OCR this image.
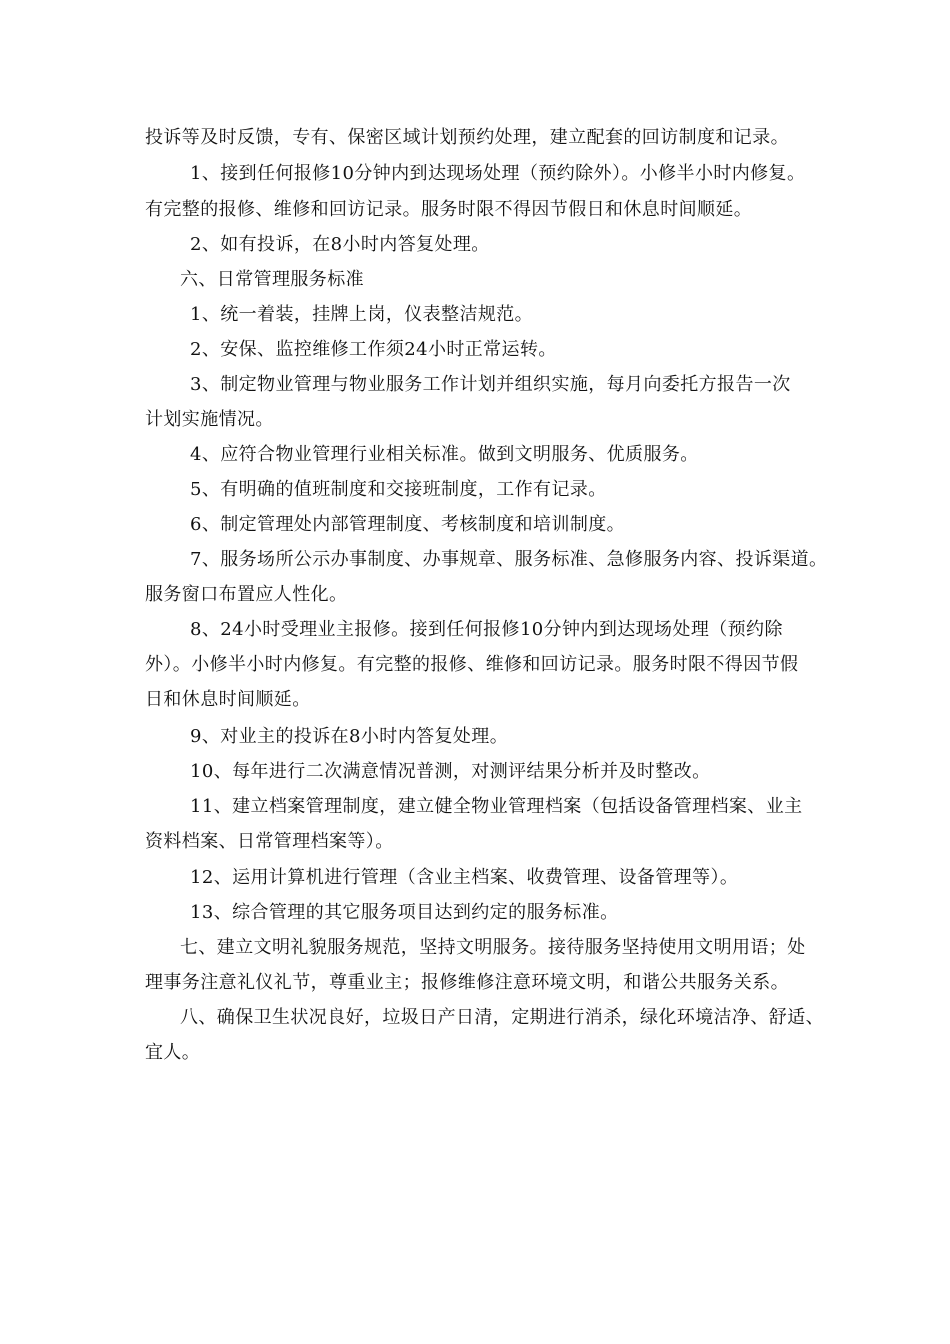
投诉等及时反馈，专有、保密区域计划预约处理，建立配套的回访制度和记录。
1、接到任何报修10分钟内到达现场处理（预约除外）。小修半小时内修复。
有完整的报修、维修和回访记录。服务时限不得因节假日和休息时间顺延。
2、如有投诉，在8小时内答复处理。
六、日常管理服务标准
1、统一着装，挂牌上岗，仪表整洁规范。
2、安保、监控维修工作须24小时正常运转。
3、制定物业管理与物业服务工作计划并组织实施，每月向委托方报告一次
计划实施情况。
4、应符合物业管理行业相关标准。做到文明服务、优质服务。
5、有明确的值班制度和交接班制度，工作有记录。
6、制定管理处内部管理制度、考核制度和培训制度。
7、服务场所公示办事制度、办事规章、服务标准、急修服务内容、投诉渠道。
服务窗口布置应人性化。
8、24小时受理业主报修。接到任何报修10分钟内到达现场处理（预约除
外）。小修半小时内修复。有完整的报修、维修和回访记录。服务时限不得因节假
日和休息时间顺延。
9、对业主的投诉在8小时内答复处理。
10、每年进行二次满意情况普测，对测评结果分析并及时整改。
11、建立档案管理制度，建立健全物业管理档案（包括设备管理档案、业主
资料档案、日常管理档案等）。
12、运用计算机进行管理（含业主档案、收费管理、设备管理等）。
13、综合管理的其它服务项目达到约定的服务标准。
七、建立文明礼貌服务规范，坚持文明服务。接待服务坚持使用文明用语；处
理事务注意礼仪礼节，尊重业主；报修维修注意环境文明，和谐公共服务关系。
八、确保卫生状况良好，垃圾日产日清，定期进行消杀，绿化环境洁净、舒适、
宜人。
